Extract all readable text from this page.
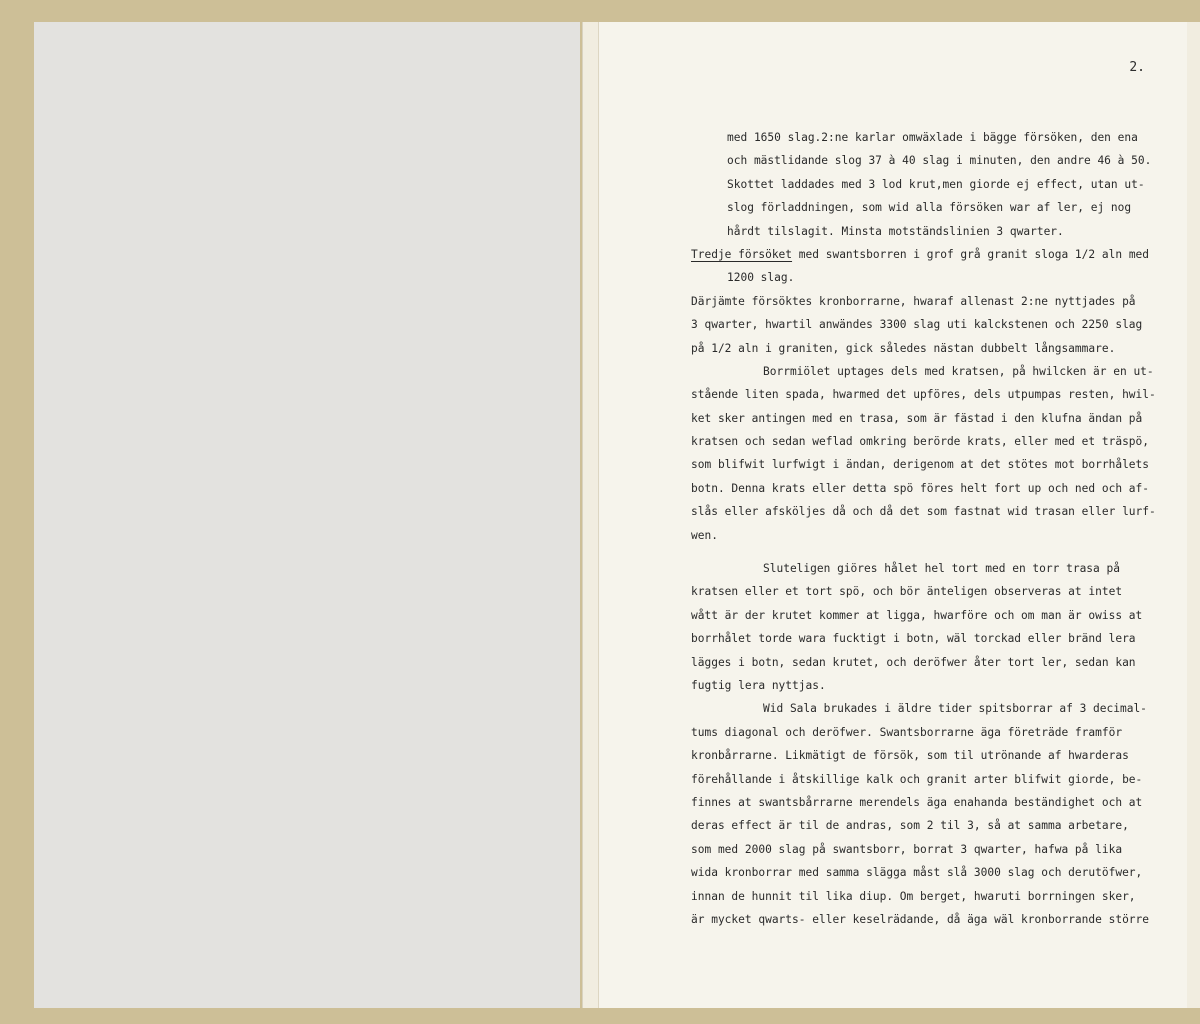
2.
med 1650 slag.2:ne karlar omwäxlade i bägge försöken, den ena
och mästlidande slog 37 à 40 slag i minuten, den andre 46 à 50.
Skottet laddades med 3 lod krut,men giorde ej effect, utan ut-
slog förladdningen, som wid alla försöken war af ler, ej nog
hårdt tilslagit. Minsta motständslinien 3 qwarter.
Tredje försöket med swantsborren i grof grå granit sloga 1/2 aln med
1200 slag.
Därjämte försöktes kronborrarne, hwaraf allenast 2:ne nyttjades på
3 qwarter, hwartil anwändes 3300 slag uti kalckstenen och 2250 slag
på 1/2 aln i graniten, gick således nästan dubbelt långsammare.
Borrmiölet uptages dels med kratsen, på hwilcken är en ut-
stående liten spada, hwarmed det upföres, dels utpumpas resten, hwil-
ket sker antingen med en trasa, som är fästad i den klufna ändan på
kratsen och sedan weflad omkring berörde krats, eller med et träspö,
som blifwit lurfwigt i ändan, derigenom at det stötes mot borrhålets
botn. Denna krats eller detta spö föres helt fort up och ned och af-
slås eller afsköljes då och då det som fastnat wid trasan eller lurf-
wen.
Sluteligen giöres hålet hel tort med en torr trasa på
kratsen eller et tort spö, och bör änteligen observeras at intet
wått är der krutet kommer at ligga, hwarföre och om man är owiss at
borrhålet torde wara fucktigt i botn, wäl torckad eller bränd lera
lägges i botn, sedan krutet, och deröfwer åter tort ler, sedan kan
fugtig lera nyttjas.
Wid Sala brukades i äldre tider spitsborrar af 3 decimal-
tums diagonal och deröfwer. Swantsborrarne äga företräde framför
kronbårrarne. Likmätigt de försök, som til utrönande af hwarderas
förehållande i åtskillige kalk och granit arter blifwit giorde, be-
finnes at swantsbårrarne merendels äga enahanda beständighet och at
deras effect är til de andras, som 2 til 3, så at samma arbetare,
som med 2000 slag på swantsborr, borrat 3 qwarter, hafwa på lika
wida kronborrar med samma slägga måst slå 3000 slag och derutöfwer,
innan de hunnit til lika diup. Om berget, hwaruti borrningen sker,
är mycket qwarts- eller keselrädande, då äga wäl kronborrande större
